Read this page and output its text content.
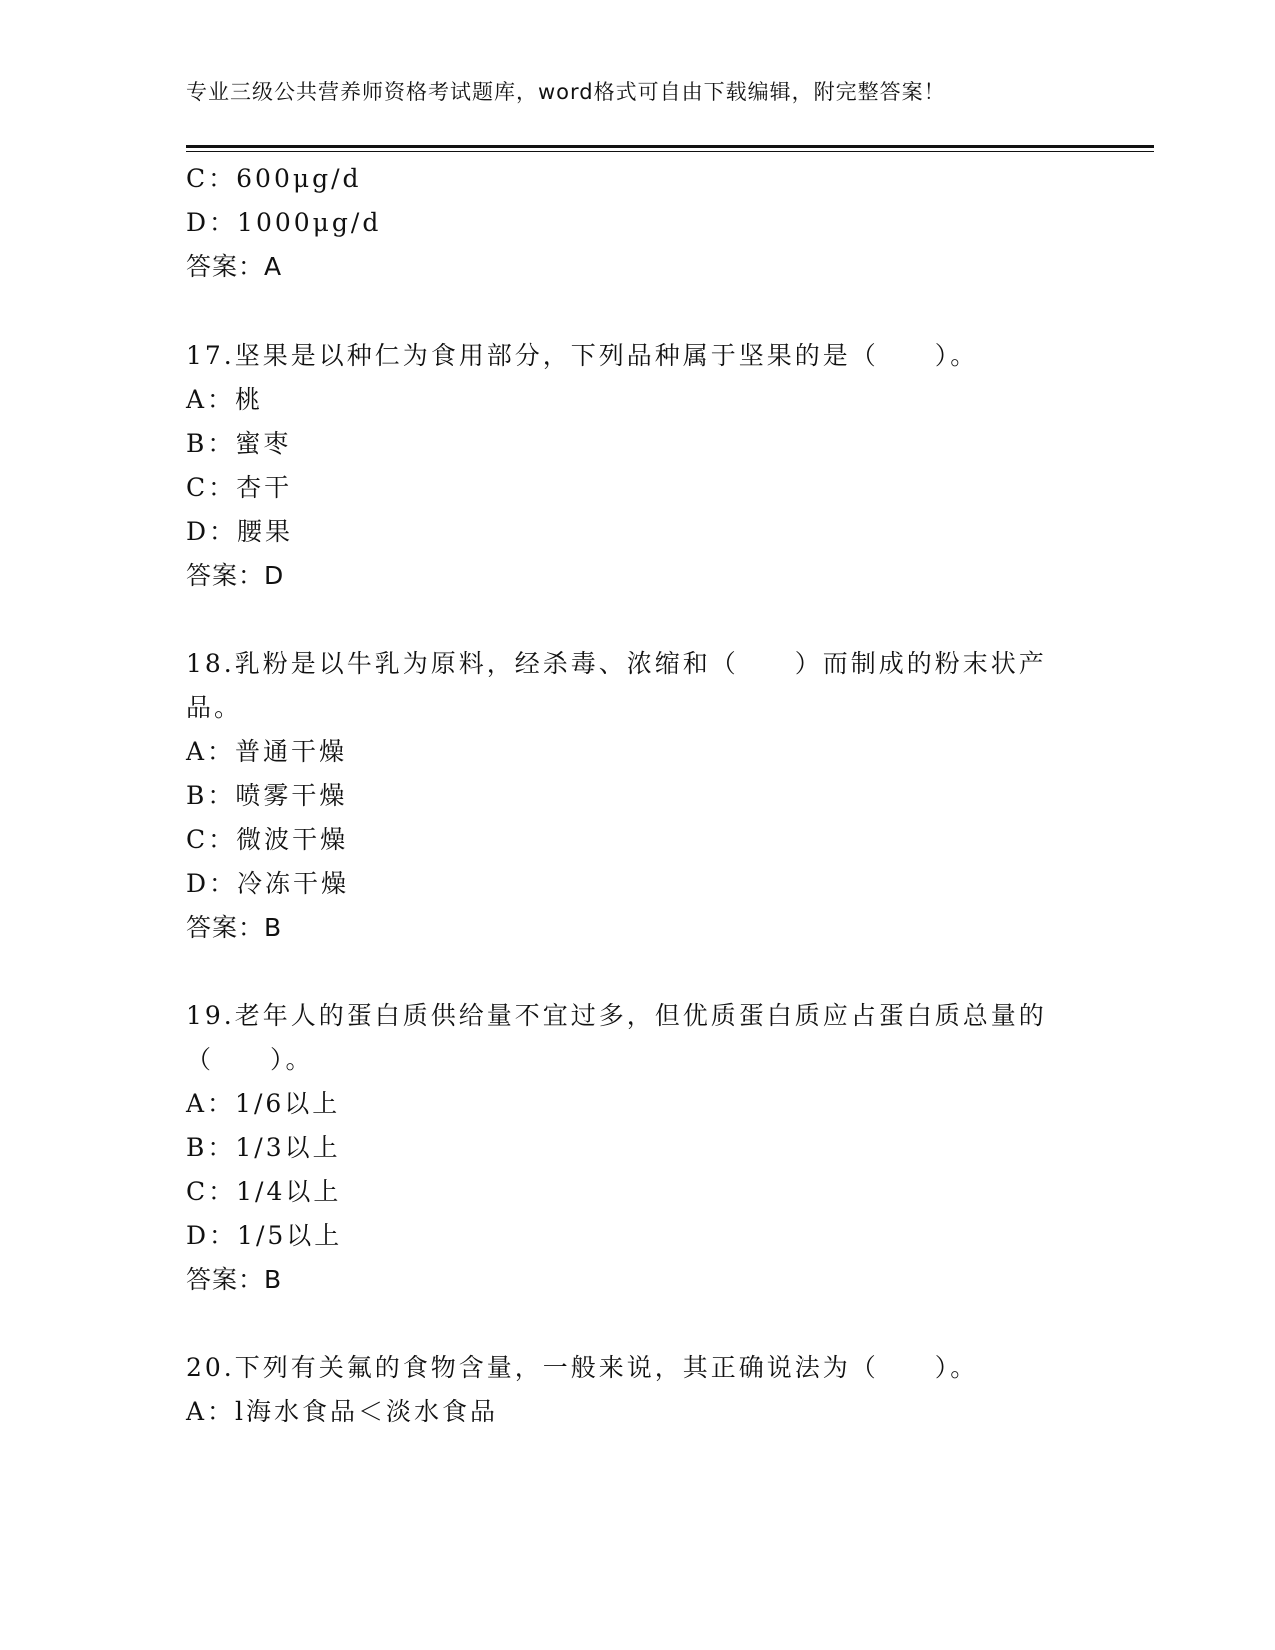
专业三级公共营养师资格考试题库，word格式可自由下载编辑，附完整答案！
C：600μg/d
D：1000μg/d
答案：A
17.坚果是以种仁为食用部分，下列品种属于坚果的是（　　）。
A：桃
B：蜜枣
C：杏干
D：腰果
答案：D
18.乳粉是以牛乳为原料，经杀毒、浓缩和（　　）而制成的粉末状产
品。
A：普通干燥
B：喷雾干燥
C：微波干燥
D：冷冻干燥
答案：B
19.老年人的蛋白质供给量不宜过多，但优质蛋白质应占蛋白质总量的
（　　）。
A：1/6以上
B：1/3以上
C：1/4以上
D：1/5以上
答案：B
20.下列有关氟的食物含量，一般来说，其正确说法为（　　）。
A：l海水食品＜淡水食品
